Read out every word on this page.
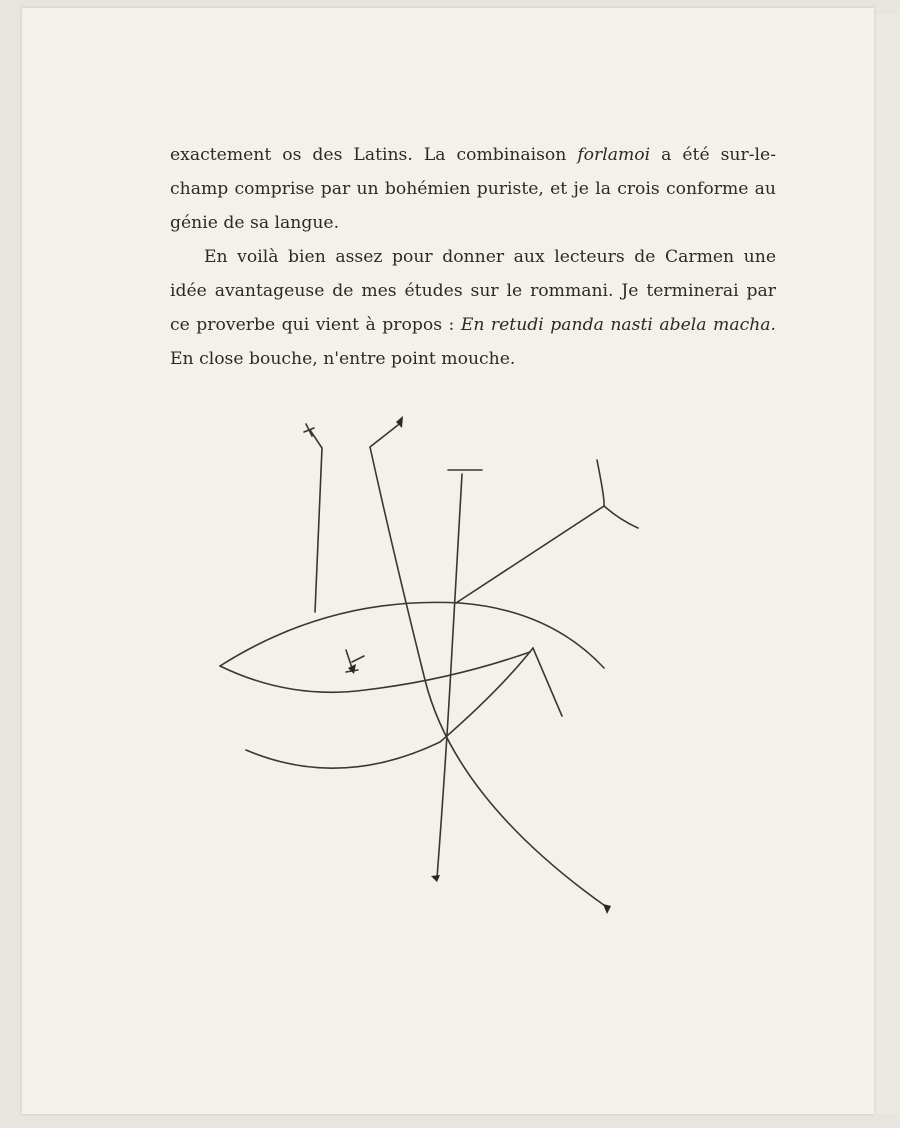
exactement os des Latins. La combinaison forlamoi a été sur-le-champ comprise par un bohémien puriste, et je la crois conforme au génie de sa langue.

En voilà bien assez pour donner aux lecteurs de Carmen une idée avantageuse de mes études sur le rommani. Je terminerai par ce proverbe qui vient à propos : En retudi panda nasti abela macha. En close bouche, n'entre point mouche.
